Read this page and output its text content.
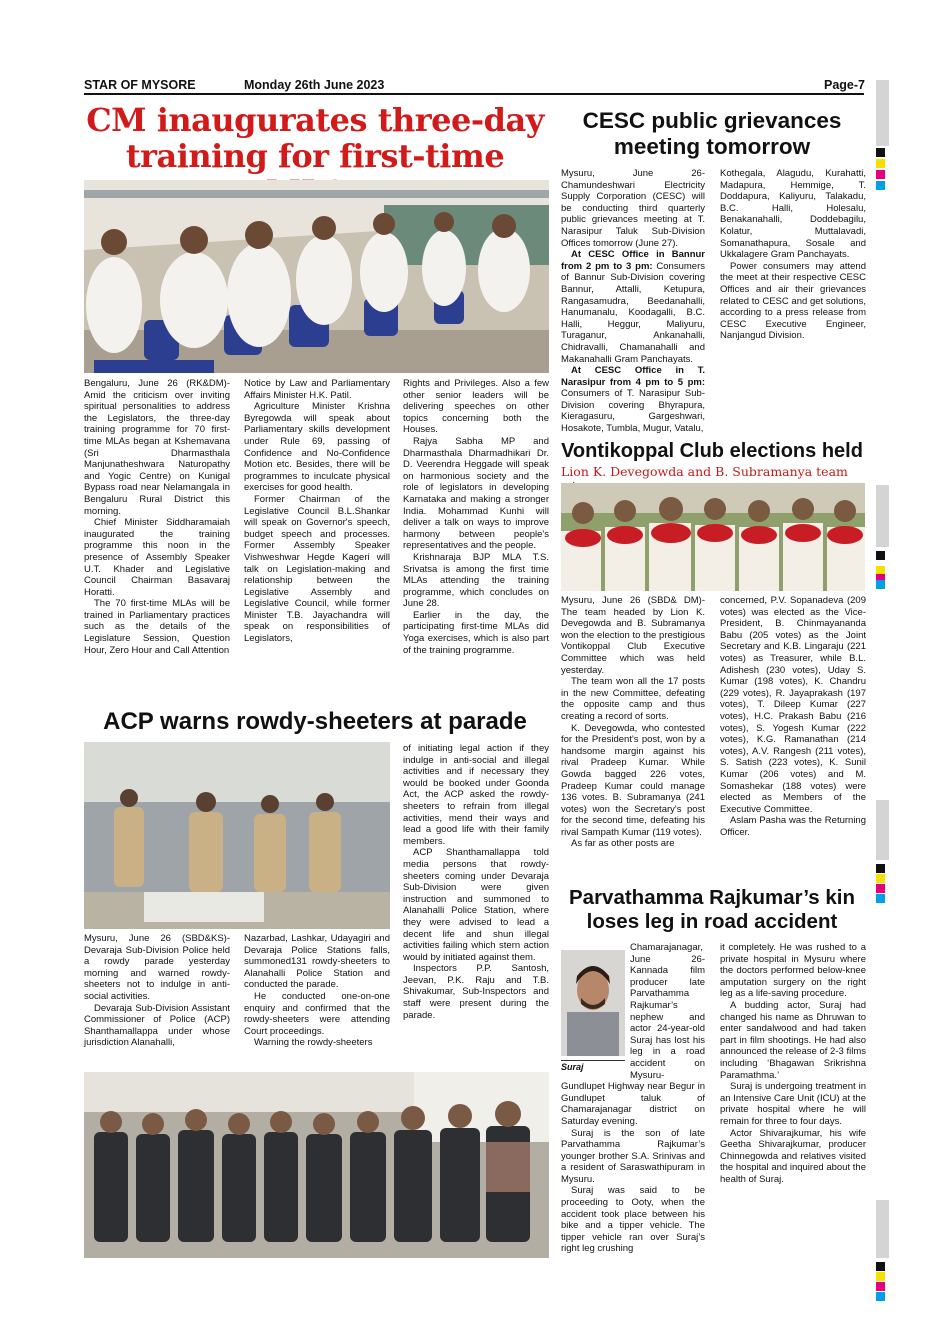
STAR OF MYSORE	Monday 26th June 2023	Page-7
CM inaugurates three-day
training for first-time

Bengaluru, June 26 (RK&DM)- Amid the criticism over inviting spiritual personalities to address the Legislators, the three-day training programme for 70 first-time MLAs began at Kshemavana (Sri Dharmasthala Manjunatheshwara Naturopathy and Yogic Centre) on Kunigal Bypass road near Nelamangala in Bengaluru Rural District this morning.

Chief Minister Siddharamaiah inaugurated the training programme this noon in the presence of Assembly Speaker U.T. Khader and Legislative Council Chairman Basavaraj Horatti.

The 70 first-time MLAs will be trained in Parliamentary practices such as the details of the Legislature Session, Question Hour, Zero Hour and Call Attention

Notice by Law and Parliamentary Affairs Minister H.K. Patil.

Agriculture Minister Krishna Byregowda will speak about Parliamentary skills development under Rule 69, passing of Confidence and No-Confidence Motion etc. Besides, there will be programmes to inculcate physical exercises for good health.

Former Chairman of the Legislative Council B.L.Shankar will speak on Governor's speech, budget speech and processes. Former Assembly Speaker Vishweshwar Hegde Kageri will talk on Legislation-making and relationship between the Legislative Assembly and Legislative Council, while former Minister T.B. Jayachandra will speak on responsibilities of Legislators,

Rights and Privileges. Also a few other senior leaders will be delivering speeches on other topics concerning both the Houses.

Rajya Sabha MP and Dharmasthala Dharmadhikari Dr. D. Veerendra Heggade will speak on harmonious society and the role of legislators in developing Karnataka and making a stronger India. Mohammad Kunhi will deliver a talk on ways to improve harmony between people's representatives and the people.

Krishnaraja BJP MLA T.S. Srivatsa is among the first time MLAs attending the training programme, which concludes on June 28.

Earlier in the day, the participating first-time MLAs did Yoga exercises, which is also part of the training programme.

CESC public grievances
meeting tomorrow

Mysuru, June 26- Chamundeshwari Electricity Supply Corporation (CESC) will be conducting third quarterly public grievances meeting at T. Narasipur Taluk Sub-Division Offices tomorrow (June 27).

At CESC Office in Bannur from 2 pm to 3 pm: Consumers of Bannur Sub-Division covering Bannur, Attalli, Ketupura, Rangasamudra, Beedanahalli, Hanumanalu, Koodagalli, B.C. Halli, Heggur, Maliyuru, Turaganur, Ankanahalli, Chidravalli, Chamanahalli and Makanahalli Gram Panchayats.

At CESC Office in T. Narasipur from 4 pm to 5 pm: Consumers of T. Narasipur Sub-Division covering Bhyrapura, Kieragasuru, Gargeshwari, Hosakote, Tumbla, Mugur, Vatalu,

Kothegala, Alagudu, Kurahatti, Madapura, Hemmige, T. Doddapura, Kaliyuru, Talakadu, B.C. Halli, Holesalu, Benakanahalli, Doddebagilu, Kolatur, Muttalavadi, Somanathapura, Sosale and Ukkalagere Gram Panchayats.

Power consumers may attend the meet at their respective CESC Offices and air their grievances related to CESC and get solutions, according to a press release from CESC Executive Engineer, Nanjangud Division.

Vontikoppal Club elections held
Lion K. Devegowda and B. Subramanya team

Mysuru, June 26 (SBD& DM)- The team headed by Lion K. Devegowda and B. Subramanya won the election to the prestigious Vontikoppal Club Executive Committee which was held yesterday.

The team won all the 17 posts in the new Committee, defeating the opposite camp and thus creating a record of sorts.

K. Devegowda, who contested for the President's post, won by a handsome margin against his rival Pradeep Kumar. While Gowda bagged 226 votes, Pradeep Kumar could manage 136 votes. B. Subramanya (241 votes) won the Secretary's post for the second time, defeating his rival Sampath Kumar (119 votes).

As far as other posts are

concerned, P.V. Sopanadeva (209 votes) was elected as the Vice-President, B. Chinmayananda Babu (205 votes) as the Joint Secretary and K.B. Lingaraju (221 votes) as Treasurer, while B.L. Adishesh (230 votes), Uday S. Kumar (198 votes), K. Chandru (229 votes), R. Jayaprakash (197 votes), T. Dileep Kumar (227 votes), H.C. Prakash Babu (216 votes), S. Yogesh Kumar (222 votes), K.G. Ramanathan (214 votes), A.V. Rangesh (211 votes), S. Satish (223 votes), K. Sunil Kumar (206 votes) and M. Somashekar (188 votes) were elected as Members of the Executive Committee.

Aslam Pasha was the Returning Officer.

ACP warns rowdy-sheeters at parade

Mysuru, June 26 (SBD&KS)- Devaraja Sub-Division Police held a rowdy parade yesterday morning and warned rowdy-sheeters not to indulge in anti-social activities.

Devaraja Sub-Division Assistant Commissioner of Police (ACP) Shanthamallappa under whose jurisdiction Alanahalli,

Nazarbad, Lashkar, Udayagiri and Devaraja Police Stations falls, summoned131 rowdy-sheeters to Alanahalli Police Station and conducted the parade.

He conducted one-on-one enquiry and confirmed that the rowdy-sheeters were attending Court proceedings.

Warning the rowdy-sheeters

of initiating legal action if they indulge in anti-social and illegal activities and if necessary they would be booked under Goonda Act, the ACP asked the rowdy-sheeters to refrain from illegal activities, mend their ways and lead a good life with their family members.

ACP Shanthamallappa told media persons that rowdy-sheeters coming under Devaraja Sub-Division were given instruction and summoned to Alanahalli Police Station, where they were advised to lead a decent life and shun illegal activities failing which stern action would by initiated against them.

Inspectors P.P. Santosh, Jeevan, P.K. Raju and T.B. Shivakumar, Sub-Inspectors and staff were present during the parade.

Parvathamma Rajkumar’s kin
loses leg in road accident
Suraj

Chamarajanagar, June 26- Kannada film producer late Parvathamma Rajkumar’s nephew and actor 24-year-old Suraj has lost his leg in a road accident on Mysuru-Gundlupet Highway near Begur in Gundlupet taluk of Chamarajanagar district on Saturday evening.

Suraj is the son of late Parvathamma Rajkumar’s younger brother S.A. Srinivas and a resident of Saraswathipuram in Mysuru.

Suraj was said to be proceeding to Ooty, when the accident took place between his bike and a tipper vehicle. The tipper vehicle ran over Suraj’s right leg crushing

it completely. He was rushed to a private hospital in Mysuru where the doctors performed below-knee amputation surgery on the right leg as a life-saving procedure.

A budding actor, Suraj had changed his name as Dhruwan to enter sandalwood and had taken part in film shootings. He had also announced the release of 2-3 films including ‘Bhagawan Srikrishna Paramathma.’

Suraj is undergoing treatment in an Intensive Care Unit (ICU) at the private hospital where he will remain for three to four days.

Actor Shivarajkumar, his wife Geetha Shivarajkumar, producer Chinnegowda and relatives visited the hospital and inquired about the health of Suraj.
